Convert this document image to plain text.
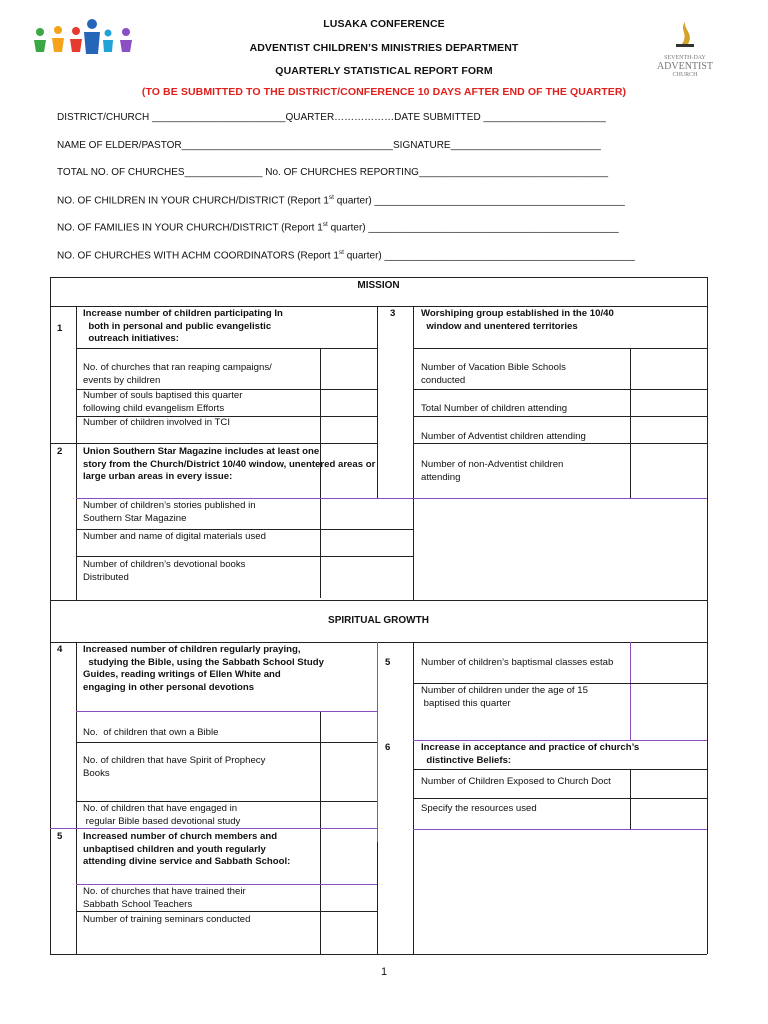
SEVENTH-DAY
ADVENTIST
CHURCH
LUSAKA CONFERENCE
ADVENTIST CHILDREN’S MINISTRIES DEPARTMENT
QUARTERLY STATISTICAL REPORT FORM
(TO BE SUBMITTED TO THE DISTRICT/CONFERENCE 10 DAYS AFTER END OF THE QUARTER)
DISTRICT/CHURCH ________________________QUARTER………………DATE SUBMITTED ______________________
NAME OF ELDER/PASTOR______________________________________SIGNATURE___________________________
TOTAL NO. OF CHURCHES______________ No. OF CHURCHES REPORTING__________________________________
NO. OF CHILDREN IN YOUR CHURCH/DISTRICT (Report 1st quarter) _____________________________________________
NO. OF FAMILIES IN YOUR CHURCH/DISTRICT (Report 1st quarter) _____________________________________________
NO. OF CHURCHES WITH ACHM COORDINATORS (Report 1st quarter) _____________________________________________
MISSION
SPIRITUAL GROWTH
1
2
3
4
5
6
5
Increase number of children participating In
both in personal and public evangelistic
outreach initiatives:
Union Southern Star Magazine includes at least one
story from the Church/District 10/40 window, unentered areas or
large urban areas in every issue:
Worshiping group established in the 10/40
window and unentered territories
Increased number of children regularly praying,
studying the Bible, using the Sabbath School Study
Guides, reading writings of Ellen White and
engaging in other personal devotions
Increased number of church members and
unbaptised children and youth regularly
attending divine service and Sabbath School:
Increase in acceptance and practice of church’s
distinctive Beliefs:
No. of churches that ran reaping campaigns/
events by children
Number of souls baptised this quarter
following child evangelism Efforts
Number of children involved in TCI
Number of children’s stories published in
Southern Star Magazine
Number and name of digital materials used
Number of children’s devotional books
Distributed
Number of Vacation Bible Schools
conducted
Total Number of children attending
Number of Adventist children attending
Number of non-Adventist children
attending
No.  of children that own a Bible
No. of children that have Spirit of Prophecy
Books
No. of children that have engaged in
regular Bible based devotional study
Number of children’s baptismal classes estab
Number of children under the age of 15
baptised this quarter
Number of Children Exposed to Church Doct
Specify the resources used
No. of churches that have trained their
Sabbath School Teachers
Number of training seminars conducted
1
